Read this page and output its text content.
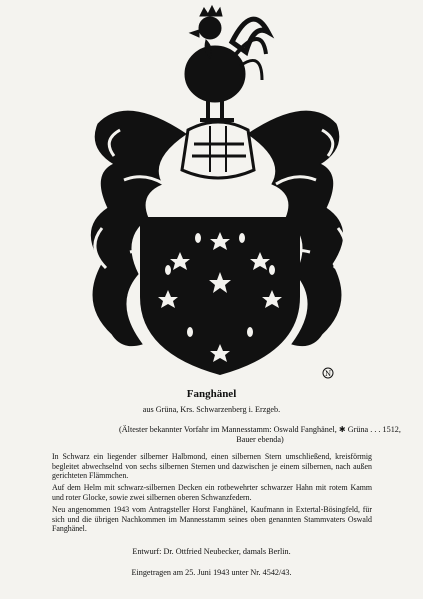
N
Fanghänel
aus Grüna, Krs. Schwarzenberg i. Erzgeb.
(Ältester bekannter Vorfahr im Mannesstamm: Oswald Fanghänel, ✱ Grüna . . . 1512, Bauer ebenda)
In Schwarz ein liegender silberner Halbmond, einen silbernen Stern umschließend, kreisförmig begleitet abwechselnd von sechs silbernen Sternen und dazwischen je einem silbernen, nach außen gerichteten Flämmchen.
Auf dem Helm mit schwarz-silbernen Decken ein rotbewehrter schwarzer Hahn mit rotem Kamm und roter Glocke, sowie zwei silbernen oberen Schwanzfedern.
Neu angenommen 1943 vom Antragsteller Horst Fanghänel, Kaufmann in Extertal-Bösingfeld, für sich und die übrigen Nachkommen im Mannesstamm seines oben genannten Stammvaters Oswald Fanghänel.
Entwurf: Dr. Ottfried Neubecker, damals Berlin.
Eingetragen am 25. Juni 1943 unter Nr. 4542/43.
